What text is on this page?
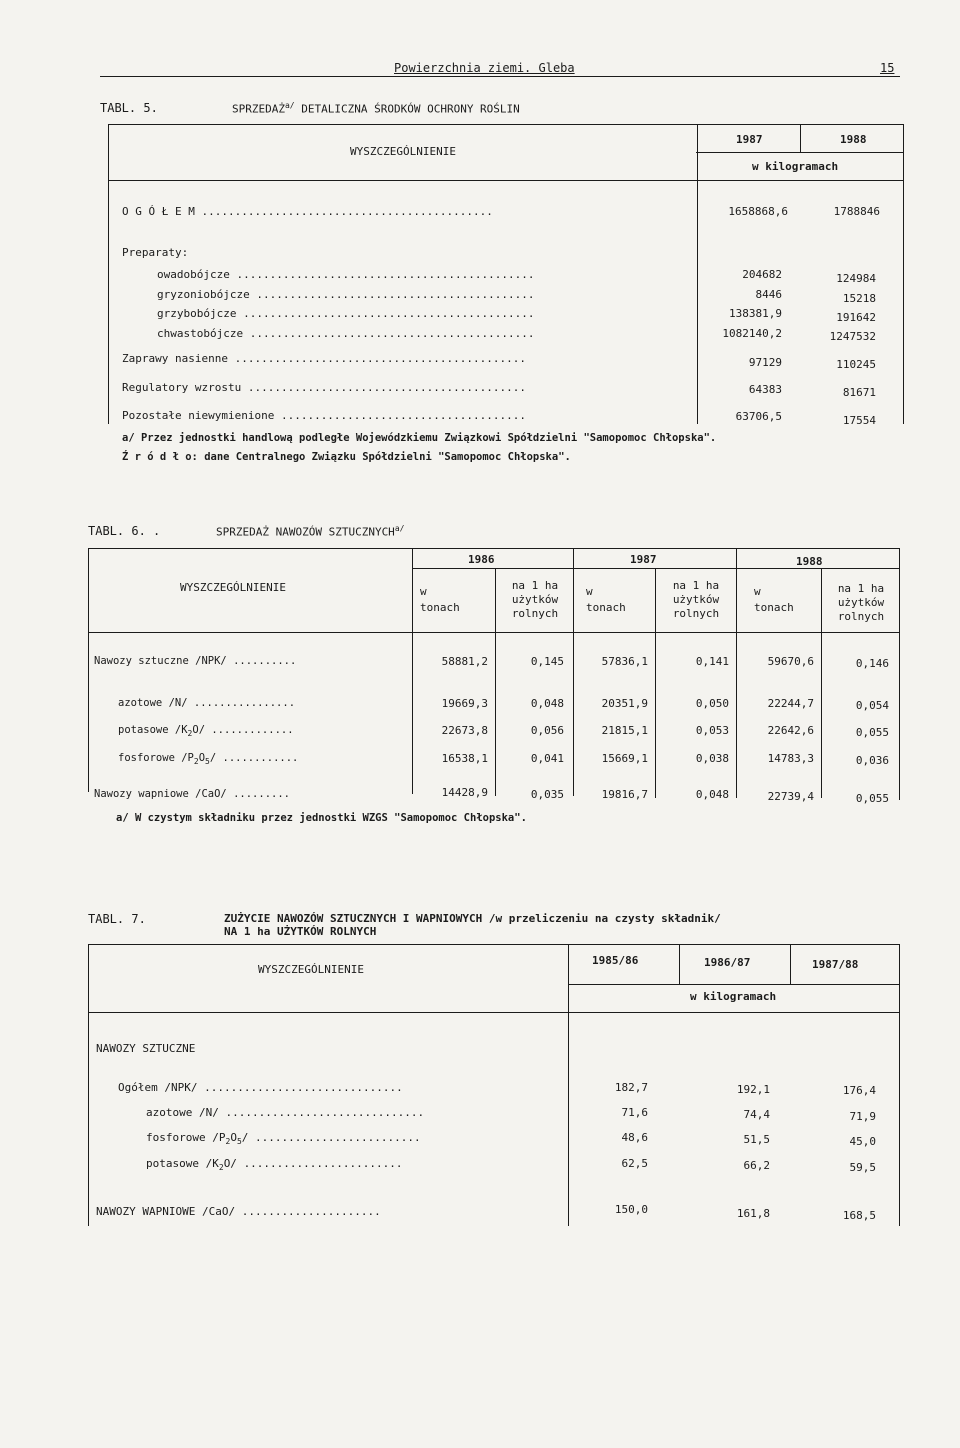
Powierzchnia ziemi. Gleba	15
TABL. 5.	$SPRZEDAŻ^{a/}$ DETALICZNA ŚRODKÓW OCHRONY ROŚLIN
WYSZCZEGÓLNIENIE
1987	1988
w kilogramach
O G Ó Ł E M ............................................	1658868,6	1788846
Preparaty:
owadobójcze .............................................	204682	124984
gryzoniobójcze ..........................................	8446	15218
grzybobójcze ............................................	138381,9	191642
chwastobójcze ...........................................	1082140,2	1247532
Zaprawy nasienne ............................................	97129	110245
Regulatory wzrostu ..........................................	64383	81671
Pozostałe niewymienione .....................................	63706,5	17554
a/ Przez jednostki handlową podległe Wojewódzkiemu Związkowi Spółdzielni "Samopomoc Chłopska".
Ź r ó d ł o: dane Centralnego Związku Spółdzielni "Samopomoc Chłopska".
TABL. 6. .	SPRZEDAŻ NAWOZÓW $SZTUCZNYCH^{a/}$
WYSZCZEGÓLNIENIE
1986	1987	1988
w
tonach
na 1 ha
użytków
rolnych
w
tonach
na 1 ha
użytków
rolnych
w
tonach
na 1 ha
użytków
rolnych
Nawozy sztuczne /NPK/ ..........	58881,2	0,145	57836,1	0,141	59670,6	0,146
azotowe /N/ ................	19669,3	0,048	20351,9	0,050	22244,7	0,054
potasowe $/K_2O/$ .............	22673,8	0,056	21815,1	0,053	22642,6	0,055
fosforowe $/P_2O_5/$ ............	16538,1	0,041	15669,1	0,038	14783,3	0,036
Nawozy wapniowe /CaO/ .........	14428,9	0,035	19816,7	0,048	22739,4	0,055
a/ W czystym składniku przez jednostki WZGS "Samopomoc Chłopska".
TABL. 7.	ZUŻYCIE NAWOZÓW SZTUCZNYCH I WAPNIOWYCH /w przeliczeniu na czysty składnik/
NA 1 ha UŻYTKÓW ROLNYCH
WYSZCZEGÓLNIENIE
1985/86	1986/87	1987/88
w kilogramach
NAWOZY SZTUCZNE
Ogółem /NPK/ ..............................	182,7	192,1	176,4
azotowe /N/ ..............................	71,6	74,4	71,9
fosforowe $/P_2O_5/$ .........................	48,6	51,5	45,0
potasowe $/K_2O/$ ........................	62,5	66,2	59,5
NAWOZY WAPNIOWE /CaO/ .....................	150,0	161,8	168,5
